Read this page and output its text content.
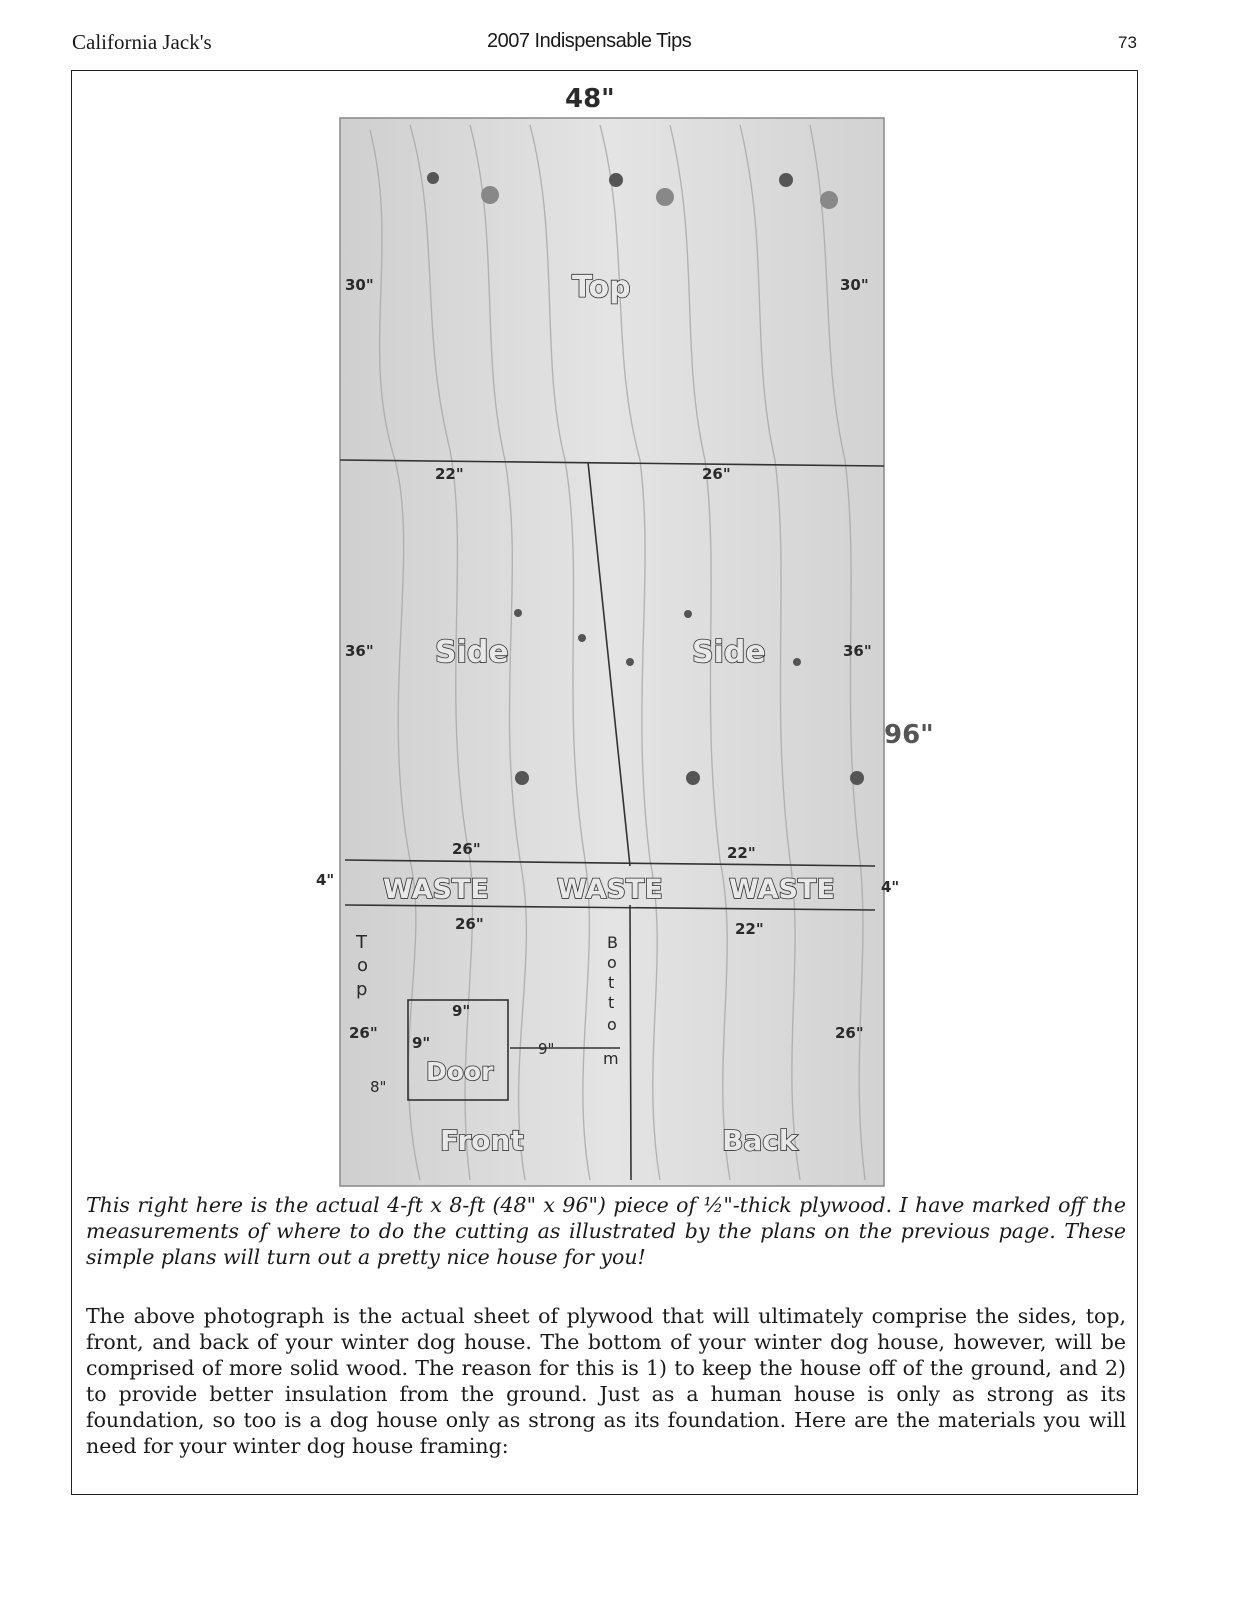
California Jack's	2007 Indispensable Tips	73
48"
96"
Top
30"	30"
22"	26"
Side	Side
36"	36"
26"	22"
WASTE	WASTE WASTE
4"	4"
26"	22"
T
o
p
B
o
t
t
o
m
26"	26"
9"
9"
Door
9"
8"
Front	Back
This right here is the actual 4-ft x 8-ft (48" x 96") piece of ½"-thick plywood. I have marked off the measurements of where to do the cutting as illustrated by the plans on the previous page. These simple plans will turn out a pretty nice house for you!
The above photograph is the actual sheet of plywood that will ultimately comprise the sides, top, front, and back of your winter dog house. The bottom of your winter dog house, however, will be comprised of more solid wood. The reason for this is 1) to keep the house off of the ground, and 2) to provide better insulation from the ground. Just as a human house is only as strong as its foundation, so too is a dog house only as strong as its foundation. Here are the materials you will need for your winter dog house framing:
